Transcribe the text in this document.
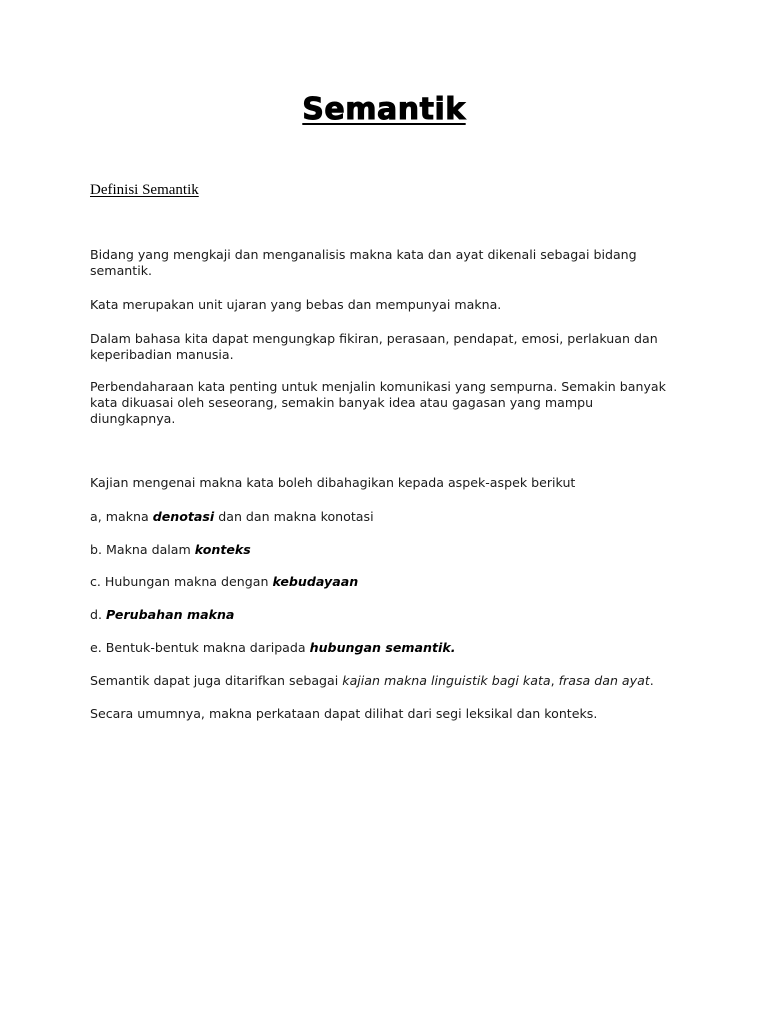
Semantik
Definisi Semantik

Bidang yang mengkaji dan menganalisis makna kata dan ayat dikenali sebagai bidang semantik.

Kata merupakan unit ujaran yang bebas dan mempunyai makna.

Dalam bahasa kita dapat mengungkap fikiran, perasaan, pendapat, emosi, perlakuan dan keperibadian manusia.

Perbendaharaan kata penting untuk menjalin komunikasi yang sempurna. Semakin banyak kata dikuasai oleh seseorang, semakin banyak idea atau gagasan yang mampu diungkapnya.

Kajian mengenai makna kata boleh dibahagikan kepada aspek-aspek berikut

a, makna denotasi dan dan makna konotasi

b. Makna dalam konteks

c. Hubungan makna dengan kebudayaan

d. Perubahan makna

e. Bentuk-bentuk makna daripada hubungan semantik.

Semantik dapat juga ditarifkan sebagai kajian makna linguistik bagi kata, frasa dan ayat.

Secara umumnya, makna perkataan dapat dilihat dari segi leksikal dan konteks.
